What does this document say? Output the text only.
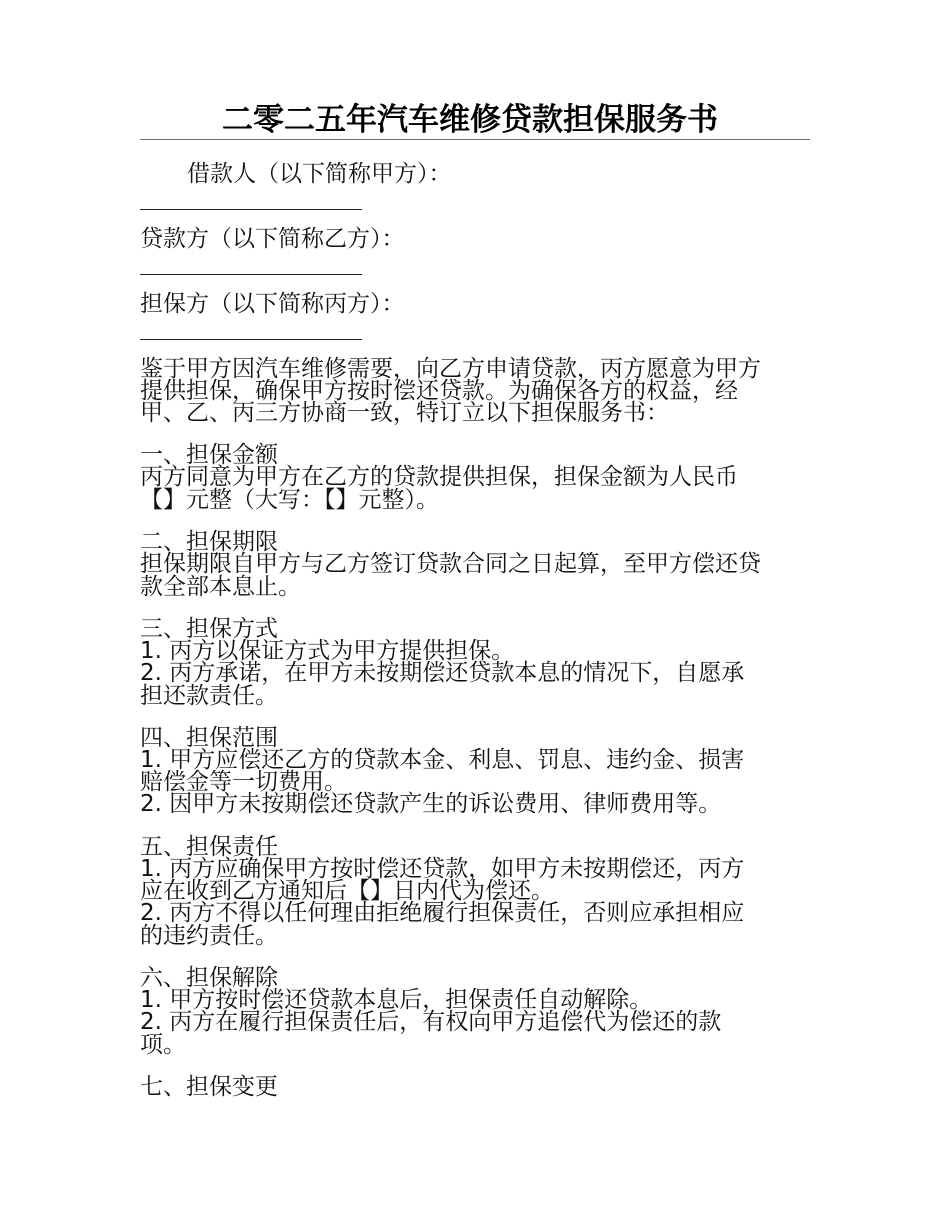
二零二五年汽车维修贷款担保服务书
借款人（以下简称甲方）：
贷款方（以下简称乙方）：
担保方（以下简称丙方）：
鉴于甲方因汽车维修需要，向乙方申请贷款，丙方愿意为甲方
提供担保，确保甲方按时偿还贷款。为确保各方的权益，经
甲、乙、丙三方协商一致，特订立以下担保服务书：
一、担保金额
丙方同意为甲方在乙方的贷款提供担保，担保金额为人民币
【】元整（大写：【】元整）。
二、担保期限
担保期限自甲方与乙方签订贷款合同之日起算，至甲方偿还贷
款全部本息止。
三、担保方式
1. 丙方以保证方式为甲方提供担保。
2. 丙方承诺，在甲方未按期偿还贷款本息的情况下，自愿承
担还款责任。
四、担保范围
1. 甲方应偿还乙方的贷款本金、利息、罚息、违约金、损害
赔偿金等一切费用。
2. 因甲方未按期偿还贷款产生的诉讼费用、律师费用等。
五、担保责任
1. 丙方应确保甲方按时偿还贷款，如甲方未按期偿还，丙方
应在收到乙方通知后【】日内代为偿还。
2. 丙方不得以任何理由拒绝履行担保责任，否则应承担相应
的违约责任。
六、担保解除
1. 甲方按时偿还贷款本息后，担保责任自动解除。
2. 丙方在履行担保责任后，有权向甲方追偿代为偿还的款
项。
七、担保变更
